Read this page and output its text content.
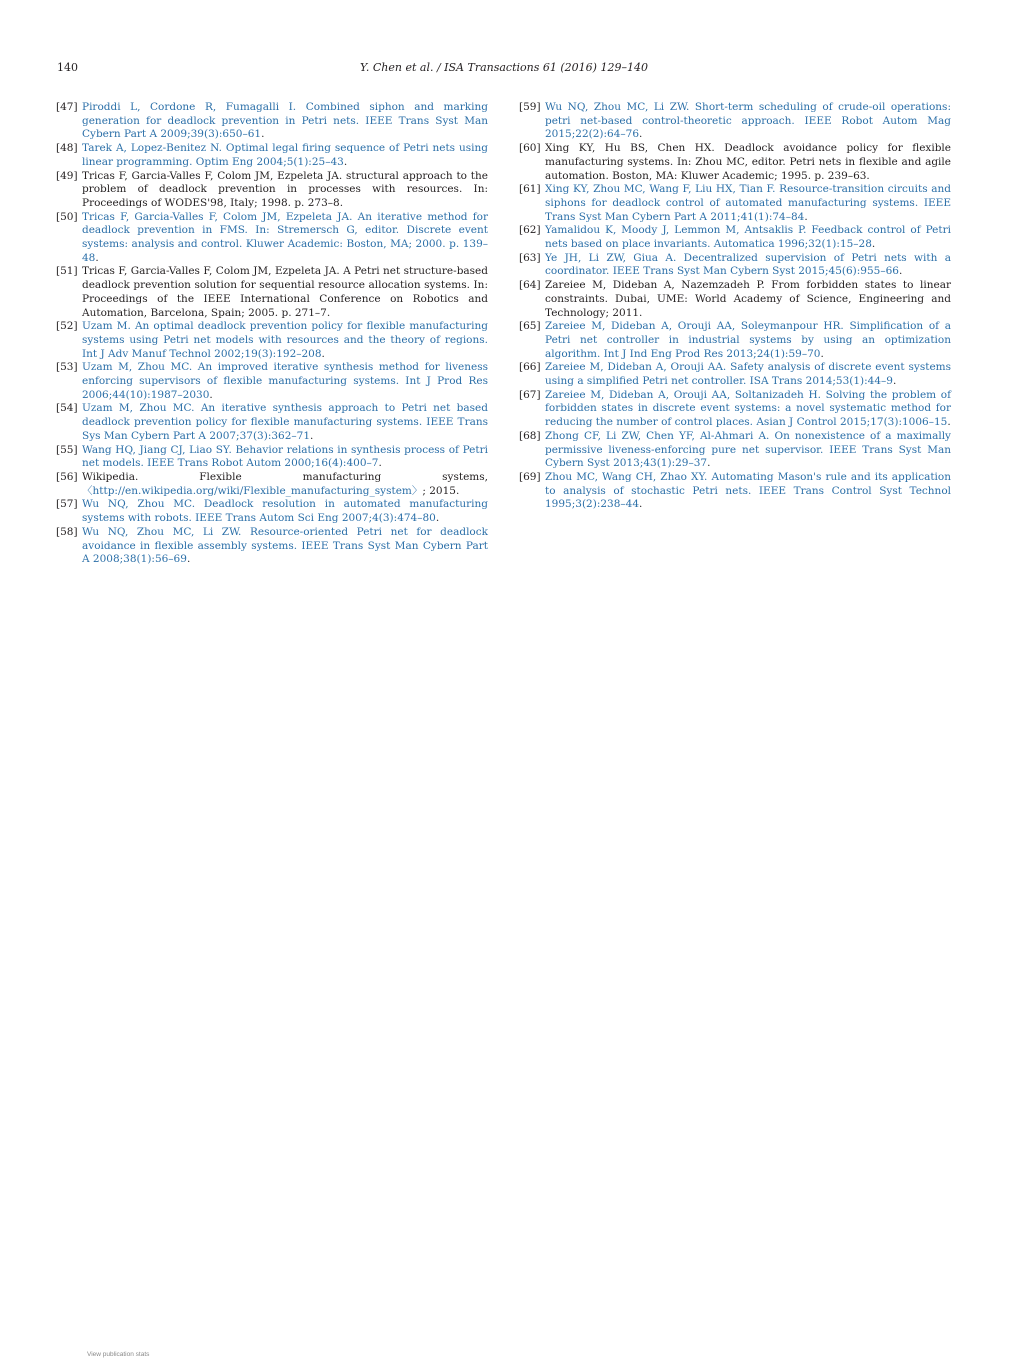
140	Y. Chen et al. / ISA Transactions 61 (2016) 129–140

[47] Piroddi L, Cordone R, Fumagalli I. Combined siphon and marking generation for deadlock prevention in Petri nets. IEEE Trans Syst Man Cybern Part A 2009;39(3):650–61.

[48] Tarek A, Lopez-Benitez N. Optimal legal firing sequence of Petri nets using linear programming. Optim Eng 2004;5(1):25–43.

[49] Tricas F, Garcia-Valles F, Colom JM, Ezpeleta JA. structural approach to the problem of deadlock prevention in processes with resources. In: Proceedings of WODES'98, Italy; 1998. p. 273–8.

[50] Tricas F, Garcia-Valles F, Colom JM, Ezpeleta JA. An iterative method for deadlock prevention in FMS. In: Stremersch G, editor. Discrete event systems: analysis and control. Kluwer Academic: Boston, MA; 2000. p. 139–48.

[51] Tricas F, Garcia-Valles F, Colom JM, Ezpeleta JA. A Petri net structure-based deadlock prevention solution for sequential resource allocation systems. In: Proceedings of the IEEE International Conference on Robotics and Automation, Barcelona, Spain; 2005. p. 271–7.

[52] Uzam M. An optimal deadlock prevention policy for flexible manufacturing systems using Petri net models with resources and the theory of regions. Int J Adv Manuf Technol 2002;19(3):192–208.

[53] Uzam M, Zhou MC. An improved iterative synthesis method for liveness enforcing supervisors of flexible manufacturing systems. Int J Prod Res 2006;44(10):1987–2030.

[54] Uzam M, Zhou MC. An iterative synthesis approach to Petri net based deadlock prevention policy for flexible manufacturing systems. IEEE Trans Sys Man Cybern Part A 2007;37(3):362–71.

[55] Wang HQ, Jiang CJ, Liao SY. Behavior relations in synthesis process of Petri net models. IEEE Trans Robot Autom 2000;16(4):400–7.

[56] Wikipedia. Flexible manufacturing systems, 〈http://en.wikipedia.org/wiki/Flexible_manufacturing_system〉; 2015.

[57] Wu NQ, Zhou MC. Deadlock resolution in automated manufacturing systems with robots. IEEE Trans Autom Sci Eng 2007;4(3):474–80.

[58] Wu NQ, Zhou MC, Li ZW. Resource-oriented Petri net for deadlock avoidance in flexible assembly systems. IEEE Trans Syst Man Cybern Part A 2008;38(1):56–69.

[59] Wu NQ, Zhou MC, Li ZW. Short-term scheduling of crude-oil operations: petri net-based control-theoretic approach. IEEE Robot Autom Mag 2015;22(2):64–76.

[60] Xing KY, Hu BS, Chen HX. Deadlock avoidance policy for flexible manufacturing systems. In: Zhou MC, editor. Petri nets in flexible and agile automation. Boston, MA: Kluwer Academic; 1995. p. 239–63.

[61] Xing KY, Zhou MC, Wang F, Liu HX, Tian F. Resource-transition circuits and siphons for deadlock control of automated manufacturing systems. IEEE Trans Syst Man Cybern Part A 2011;41(1):74–84.

[62] Yamalidou K, Moody J, Lemmon M, Antsaklis P. Feedback control of Petri nets based on place invariants. Automatica 1996;32(1):15–28.

[63] Ye JH, Li ZW, Giua A. Decentralized supervision of Petri nets with a coordinator. IEEE Trans Syst Man Cybern Syst 2015;45(6):955–66.

[64] Zareiee M, Dideban A, Nazemzadeh P. From forbidden states to linear constraints. Dubai, UME: World Academy of Science, Engineering and Technology; 2011.

[65] Zareiee M, Dideban A, Orouji AA, Soleymanpour HR. Simplification of a Petri net controller in industrial systems by using an optimization algorithm. Int J Ind Eng Prod Res 2013;24(1):59–70.

[66] Zareiee M, Dideban A, Orouji AA. Safety analysis of discrete event systems using a simplified Petri net controller. ISA Trans 2014;53(1):44–9.

[67] Zareiee M, Dideban A, Orouji AA, Soltanizadeh H. Solving the problem of forbidden states in discrete event systems: a novel systematic method for reducing the number of control places. Asian J Control 2015;17(3):1006–15.

[68] Zhong CF, Li ZW, Chen YF, Al-Ahmari A. On nonexistence of a maximally permissive liveness-enforcing pure net supervisor. IEEE Trans Syst Man Cybern Syst 2013;43(1):29–37.

[69] Zhou MC, Wang CH, Zhao XY. Automating Mason's rule and its application to analysis of stochastic Petri nets. IEEE Trans Control Syst Technol 1995;3(2):238–44.

View publication stats
